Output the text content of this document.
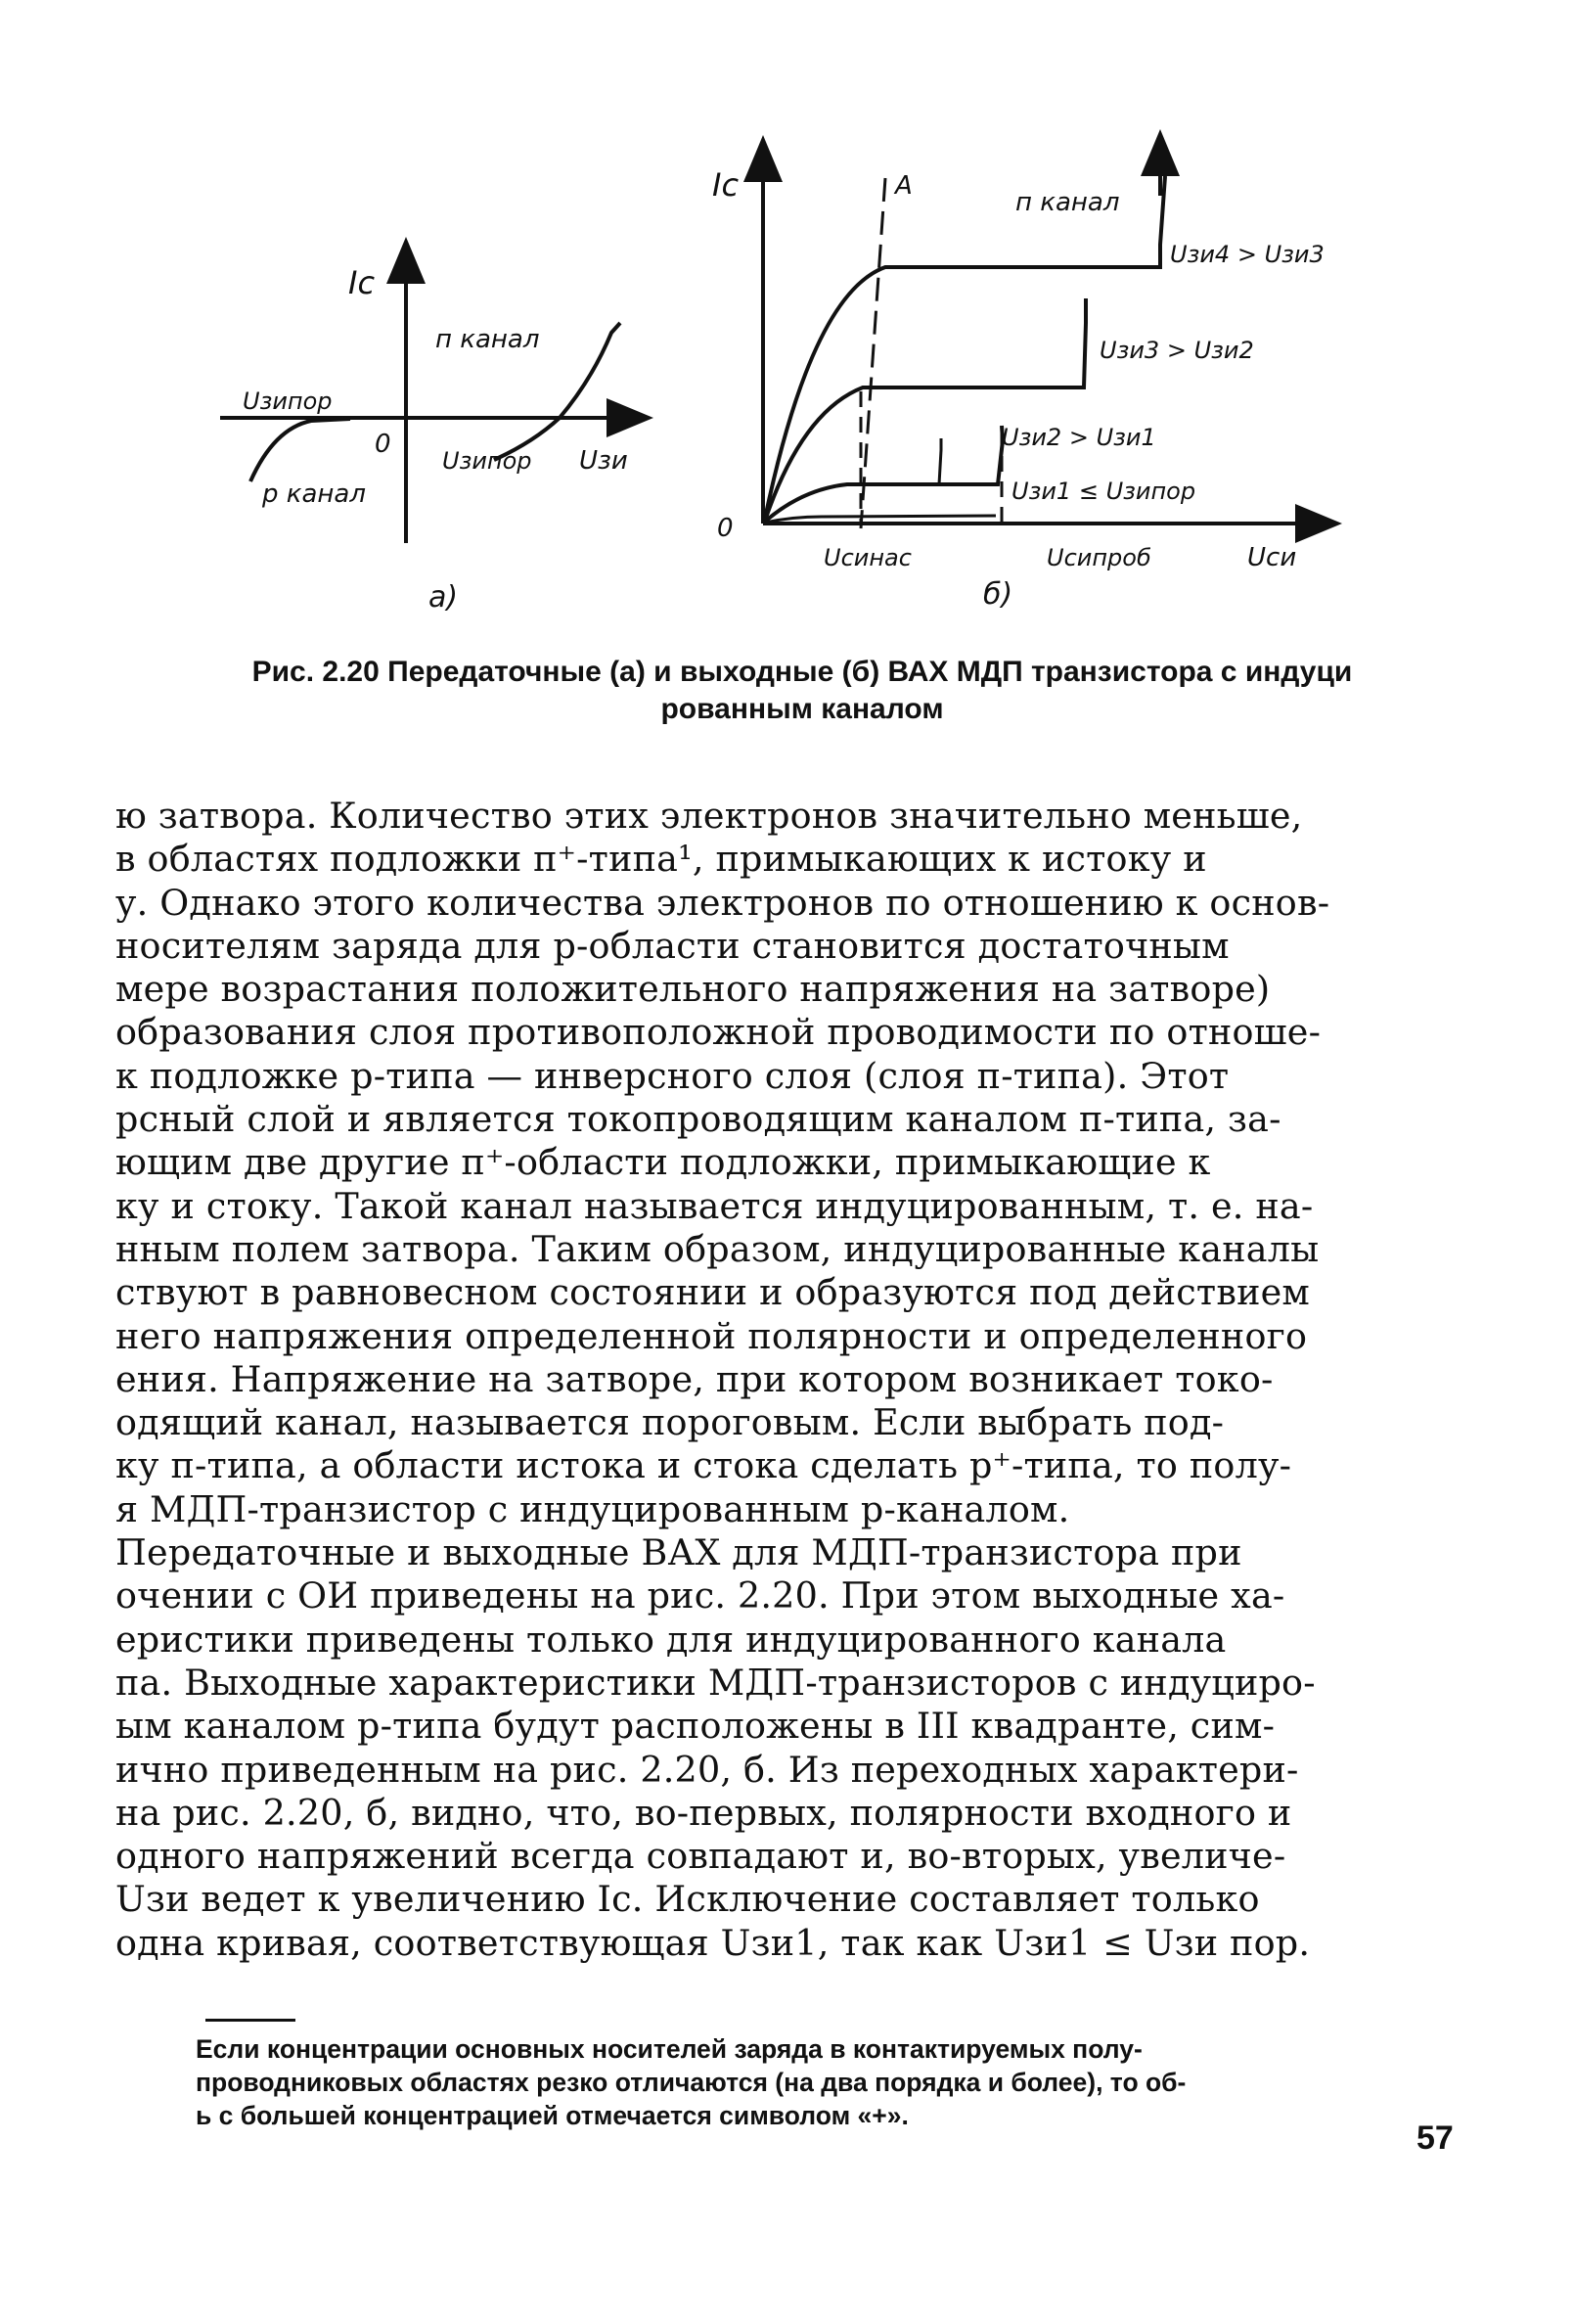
Iс
п канал
р канал
Uзипор
0
Uзипор Uзи
а)
Iс	А
п канал
Uзи4 > Uзи3
Uзи3 > Uзи2
Uзи2 > Uзи1
Uзи1 ≤ Uзипор
0
Uсинас	Uсипроб	Uси
б)
Рис. 2.20 Передаточные (а) и выходные (б) ВАХ МДП транзистора с индуци
рованным каналом
ю затвора. Количество этих электронов значительно меньше,
в областях подложки п⁺-типа¹, примыкающих к истоку и
у. Однако этого количества электронов по отношению к основ-
носителям заряда для р-области становится достаточным
мере возрастания положительного напряжения на затворе)
образования слоя противоположной проводимости по отноше-
к подложке р-типа — инверсного слоя (слоя п-типа). Этот
рсный слой и является токопроводящим каналом п-типа, за-
ющим две другие п⁺-области подложки, примыкающие к
ку и стоку. Такой канал называется индуцированным, т. е. на-
нным полем затвора. Таким образом, индуцированные каналы
ствуют в равновесном состоянии и образуются под действием
него напряжения определенной полярности и определенного
ения. Напряжение на затворе, при котором возникает токо-
одящий канал, называется пороговым. Если выбрать под-
ку п-типа, а области истока и стока сделать р⁺-типа, то полу-
я МДП-транзистор с индуцированным р-каналом.
Передаточные и выходные ВАХ для МДП-транзистора при
очении с ОИ приведены на рис. 2.20. При этом выходные ха-
еристики приведены только для индуцированного канала
па. Выходные характеристики МДП-транзисторов с индуциро-
ым каналом р-типа будут расположены в III квадранте, сим-
ично приведенным на рис. 2.20, б. Из переходных характери-
на рис. 2.20, б, видно, что, во-первых, полярности входного и
одного напряжений всегда совпадают и, во-вторых, увеличе-
Uзи ведет к увеличению Iс. Исключение составляет только
одна кривая, соответствующая Uзи1, так как Uзи1 ≤ Uзи пор.
Если концентрации основных носителей заряда в контактируемых полу-
проводниковых областях резко отличаются (на два порядка и более), то об-
ь с большей концентрацией отмечается символом «+».
57
